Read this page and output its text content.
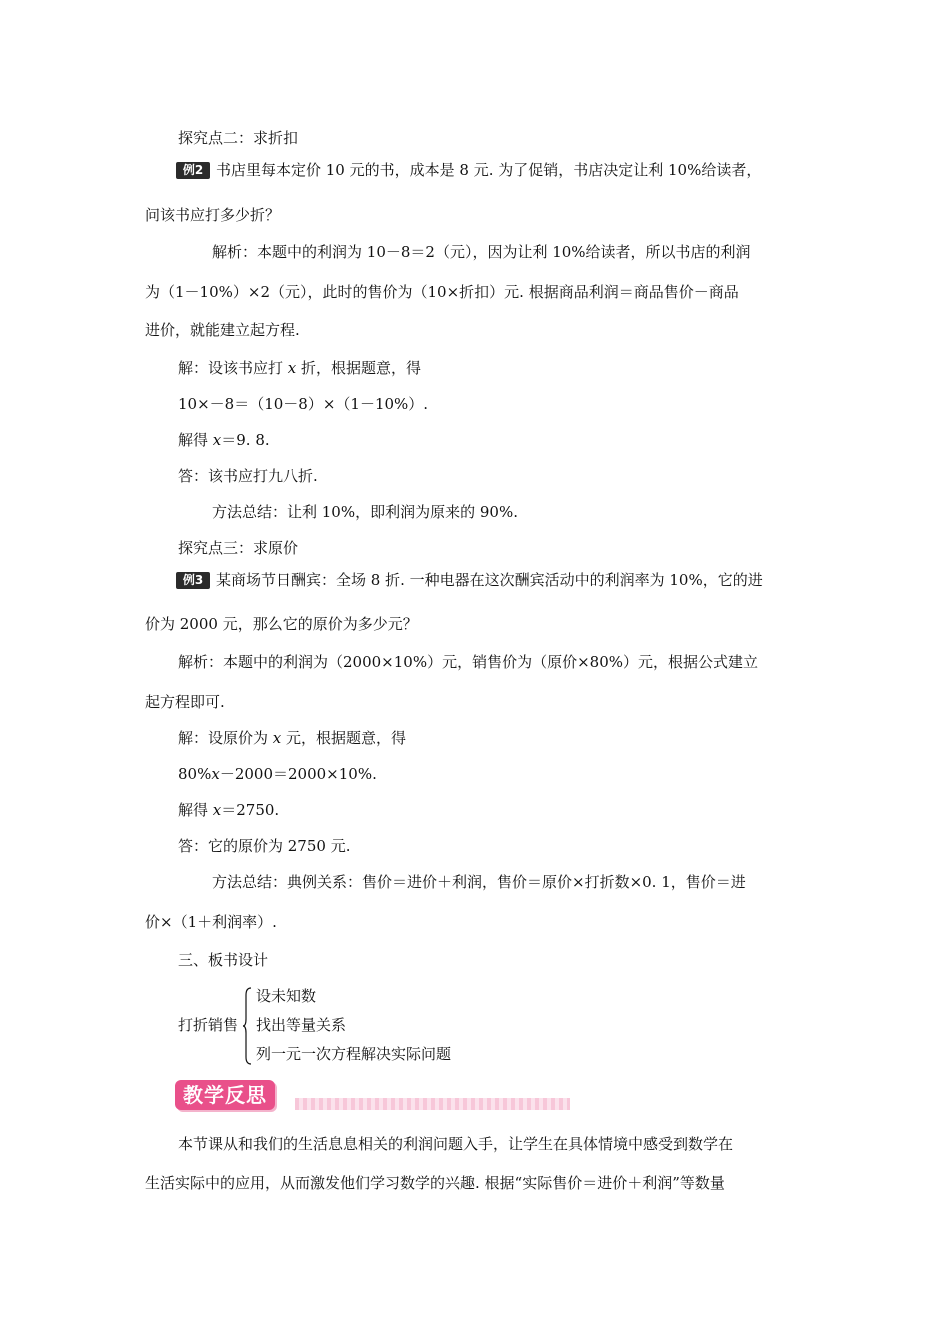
探究点二：求折扣
例2 书店里每本定价 10 元的书，成本是 8 元. 为了促销，书店决定让利 10%给读者，
问该书应打多少折？
解析：本题中的利润为 10－8＝2（元），因为让利 10%给读者，所以书店的利润
为（1－10%）×2（元），此时的售价为（10×折扣）元. 根据商品利润＝商品售价－商品
进价，就能建立起方程.
解：设该书应打 x 折，根据题意，得
10×－8＝（10－8）×（1－10%）.
解得 x＝9. 8.
答：该书应打九八折.
方法总结：让利 10%，即利润为原来的 90%.
探究点三：求原价
例3 某商场节日酬宾：全场 8 折. 一种电器在这次酬宾活动中的利润率为 10%，它的进
价为 2000 元，那么它的原价为多少元？
解析：本题中的利润为（2000×10%）元，销售价为（原价×80%）元，根据公式建立
起方程即可.
解：设原价为 x 元，根据题意，得
80%x－2000＝2000×10%.
解得 x＝2750.
答：它的原价为 2750 元.
方法总结：典例关系：售价＝进价＋利润，售价＝原价×打折数×0. 1，售价＝进
价×（1＋利润率）.
三、板书设计
打折销售
设未知数
找出等量关系
列一元一次方程解决实际问题
教学反思
本节课从和我们的生活息息相关的利润问题入手，让学生在具体情境中感受到数学在
生活实际中的应用，从而激发他们学习数学的兴趣. 根据“实际售价＝进价＋利润”等数量
